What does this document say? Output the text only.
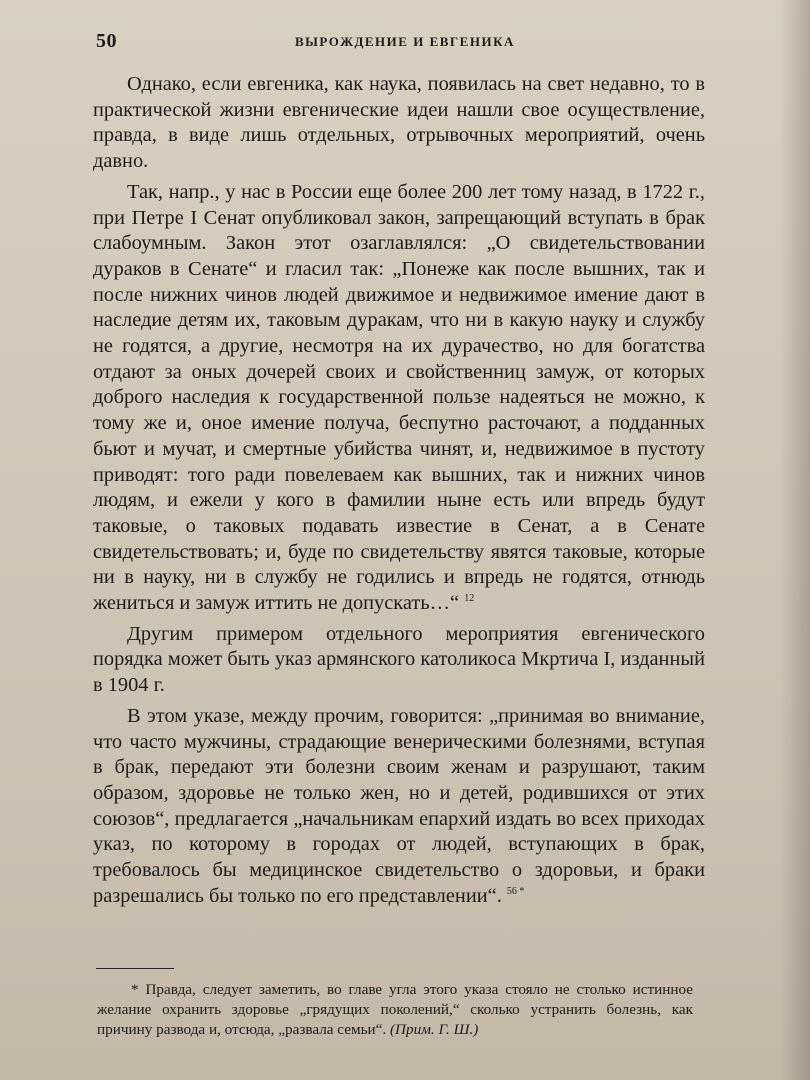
50	ВЫРОЖДЕНИЕ И ЕВГЕНИКА

Однако, если евгеника, как наука, появилась на свет недавно, то в практической жизни евгенические идеи нашли свое осуществление, правда, в виде лишь отдельных, отрывочных мероприятий, очень давно.

Так, напр., у нас в России еще более 200 лет тому назад, в 1722 г., при Петре I Сенат опубликовал закон, запрещающий вступать в брак слабоумным. Закон этот озаглавлялся: „О свидетельствовании дураков в Сенате“ и гласил так: „Понеже как после вышних, так и после нижних чинов людей движимое и недвижимое имение дают в наследие детям их, таковым дуракам, что ни в какую науку и службу не годятся, а другие, несмотря на их дурачество, но для богатства отдают за оных дочерей своих и свойственниц замуж, от которых доброго наследия к государственной пользе надеяться не можно, к тому же и, оное имение получа, беспутно расточают, а подданных бьют и мучат, и смертные убийства чинят, и, недвижимое в пустоту приводят: того ради повелеваем как вышних, так и нижних чинов людям, и ежели у кого в фамилии ныне есть или впредь будут таковые, о таковых подавать известие в Сенат, а в Сенате свидетельствовать; и, буде по свидетельству явятся таковые, которые ни в науку, ни в службу не годились и впредь не годятся, отнюдь жениться и замуж иттить не допускать…“ $^{12}$

Другим примером отдельного мероприятия евгенического порядка может быть указ армянского католикоса Мкртича I, изданный в 1904 г.

В этом указе, между прочим, говорится: „принимая во внимание, что часто мужчины, страдающие венерическими болезнями, вступая в брак, передают эти болезни своим женам и разрушают, таким образом, здоровье не только жен, но и детей, родившихся от этих союзов“, предлагается „начальникам епархий издать во всех приходах указ, по которому в городах от людей, вступающих в брак, требовалось бы медицинское свидетельство о здоровьи, и браки разрешались бы только по его представлении“. $^{56 *}$

* Правда, следует заметить, во главе угла этого указа стояло не столько истинное желание охранить здоровье „грядущих поколений,“ сколько устранить болезнь, как причину развода и, отсюда, „развала семьи“. (Прим. Г. Ш.)
